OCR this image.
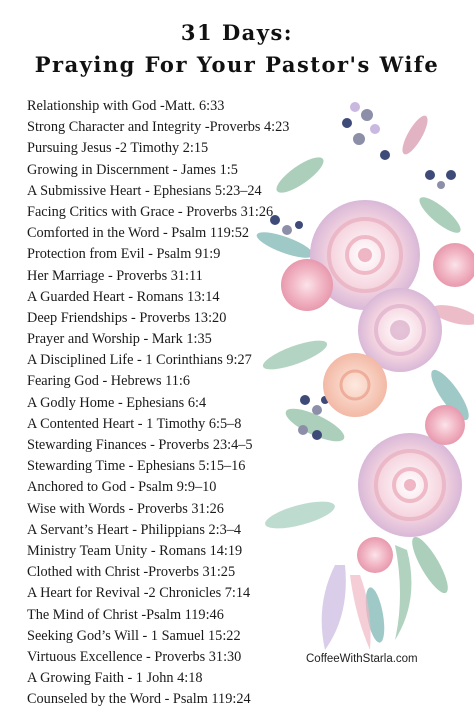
31 Days:
Praying For Your Pastor's Wife
Relationship with God -Matt. 6:33
Strong Character and Integrity -Proverbs 4:23
Pursuing Jesus -2 Timothy 2:15
Growing in Discernment - James 1:5
A Submissive Heart - Ephesians 5:23–24
Facing Critics with Grace - Proverbs 31:26
Comforted in the Word - Psalm 119:52
Protection from Evil - Psalm 91:9
Her Marriage - Proverbs 31:11
A Guarded Heart - Romans 13:14
Deep Friendships - Proverbs 13:20
Prayer and Worship - Mark 1:35
A Disciplined Life - 1 Corinthians 9:27
Fearing God - Hebrews 11:6
A Godly Home - Ephesians 6:4
A Contented Heart - 1 Timothy 6:5–8
Stewarding Finances - Proverbs 23:4–5
Stewarding Time - Ephesians 5:15–16
Anchored to God - Psalm 9:9–10
Wise with Words - Proverbs 31:26
A Servant’s Heart - Philippians 2:3–4
Ministry Team Unity - Romans 14:19
Clothed with Christ -Proverbs 31:25
A Heart for Revival -2 Chronicles 7:14
The Mind of Christ -Psalm 119:46
Seeking God’s Will - 1 Samuel 15:22
Virtuous Excellence - Proverbs 31:30
A Growing Faith - 1 John 4:18
Counseled by the Word - Psalm 119:24
CoffeeWithStarla.com
